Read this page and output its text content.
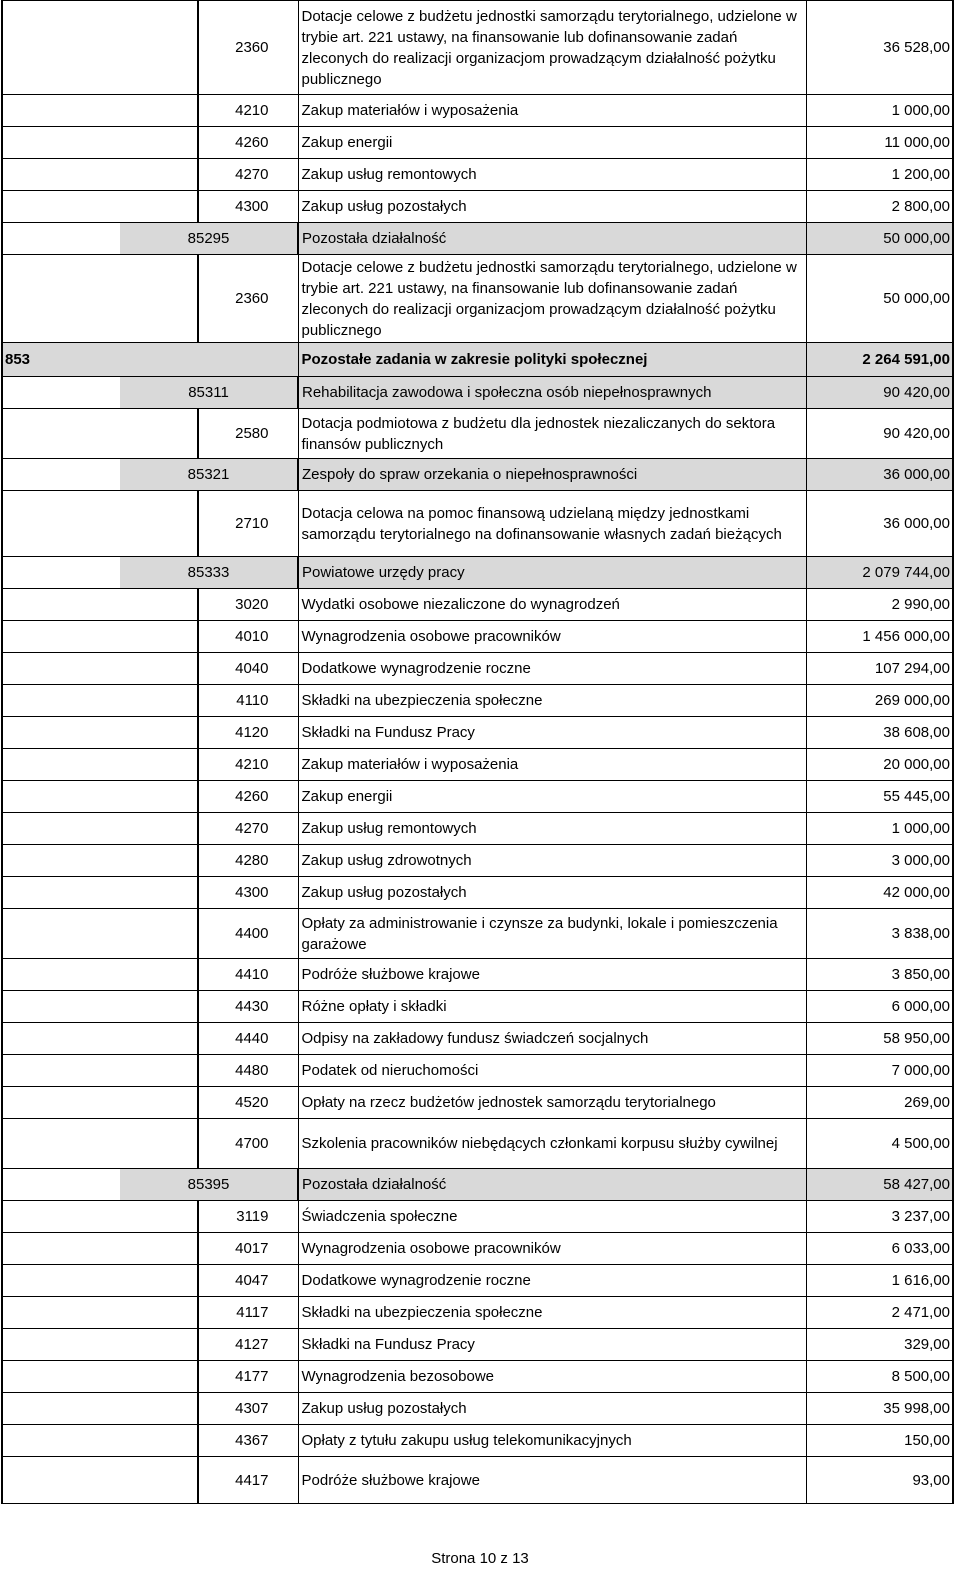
		2360	Dotacje celowe z budżetu jednostki samorządu terytorialnego, udzielone w trybie art. 221 ustawy, na finansowanie lub dofinansowanie zadań zleconych do realizacji organizacjom prowadzącym działalność pożytku publicznego	36 528,00
		4210	Zakup materiałów i wyposażenia	1 000,00
		4260	Zakup energii	11 000,00
		4270	Zakup usług remontowych	1 200,00
		4300	Zakup usług pozostałych	2 800,00
	85295		Pozostała działalność	50 000,00
		2360	Dotacje celowe z budżetu jednostki samorządu terytorialnego, udzielone w trybie art. 221 ustawy, na finansowanie lub dofinansowanie zadań zleconych do realizacji organizacjom prowadzącym działalność pożytku publicznego	50 000,00
853			Pozostałe zadania w zakresie polityki społecznej	2 264 591,00
	85311		Rehabilitacja zawodowa i społeczna osób niepełnosprawnych	90 420,00
		2580	Dotacja podmiotowa z budżetu dla jednostek niezaliczanych do sektora finansów publicznych	90 420,00
	85321		Zespoły do spraw orzekania o niepełnosprawności	36 000,00
		2710	Dotacja celowa na pomoc finansową udzielaną między jednostkami samorządu terytorialnego na dofinansowanie własnych zadań bieżących	36 000,00
	85333		Powiatowe urzędy pracy	2 079 744,00
		3020	Wydatki osobowe niezaliczone do wynagrodzeń	2 990,00
		4010	Wynagrodzenia osobowe pracowników	1 456 000,00
		4040	Dodatkowe wynagrodzenie roczne	107 294,00
		4110	Składki na ubezpieczenia społeczne	269 000,00
		4120	Składki na Fundusz Pracy	38 608,00
		4210	Zakup materiałów i wyposażenia	20 000,00
		4260	Zakup energii	55 445,00
		4270	Zakup usług remontowych	1 000,00
		4280	Zakup usług zdrowotnych	3 000,00
		4300	Zakup usług pozostałych	42 000,00
		4400	Opłaty za administrowanie i czynsze za budynki, lokale i pomieszczenia garażowe	3 838,00
		4410	Podróże służbowe krajowe	3 850,00
		4430	Różne opłaty i składki	6 000,00
		4440	Odpisy na zakładowy fundusz świadczeń socjalnych	58 950,00
		4480	Podatek od nieruchomości	7 000,00
		4520	Opłaty na rzecz budżetów jednostek samorządu terytorialnego	269,00
		4700	Szkolenia pracowników niebędących członkami korpusu służby cywilnej	4 500,00
	85395		Pozostała działalność	58 427,00
		3119	Świadczenia społeczne	3 237,00
		4017	Wynagrodzenia osobowe pracowników	6 033,00
		4047	Dodatkowe wynagrodzenie roczne	1 616,00
		4117	Składki na ubezpieczenia społeczne	2 471,00
		4127	Składki na Fundusz Pracy	329,00
		4177	Wynagrodzenia bezosobowe	8 500,00
		4307	Zakup usług pozostałych	35 998,00
		4367	Opłaty z tytułu zakupu usług telekomunikacyjnych	150,00
		4417	Podróże służbowe krajowe	93,00
Strona 10 z 13
